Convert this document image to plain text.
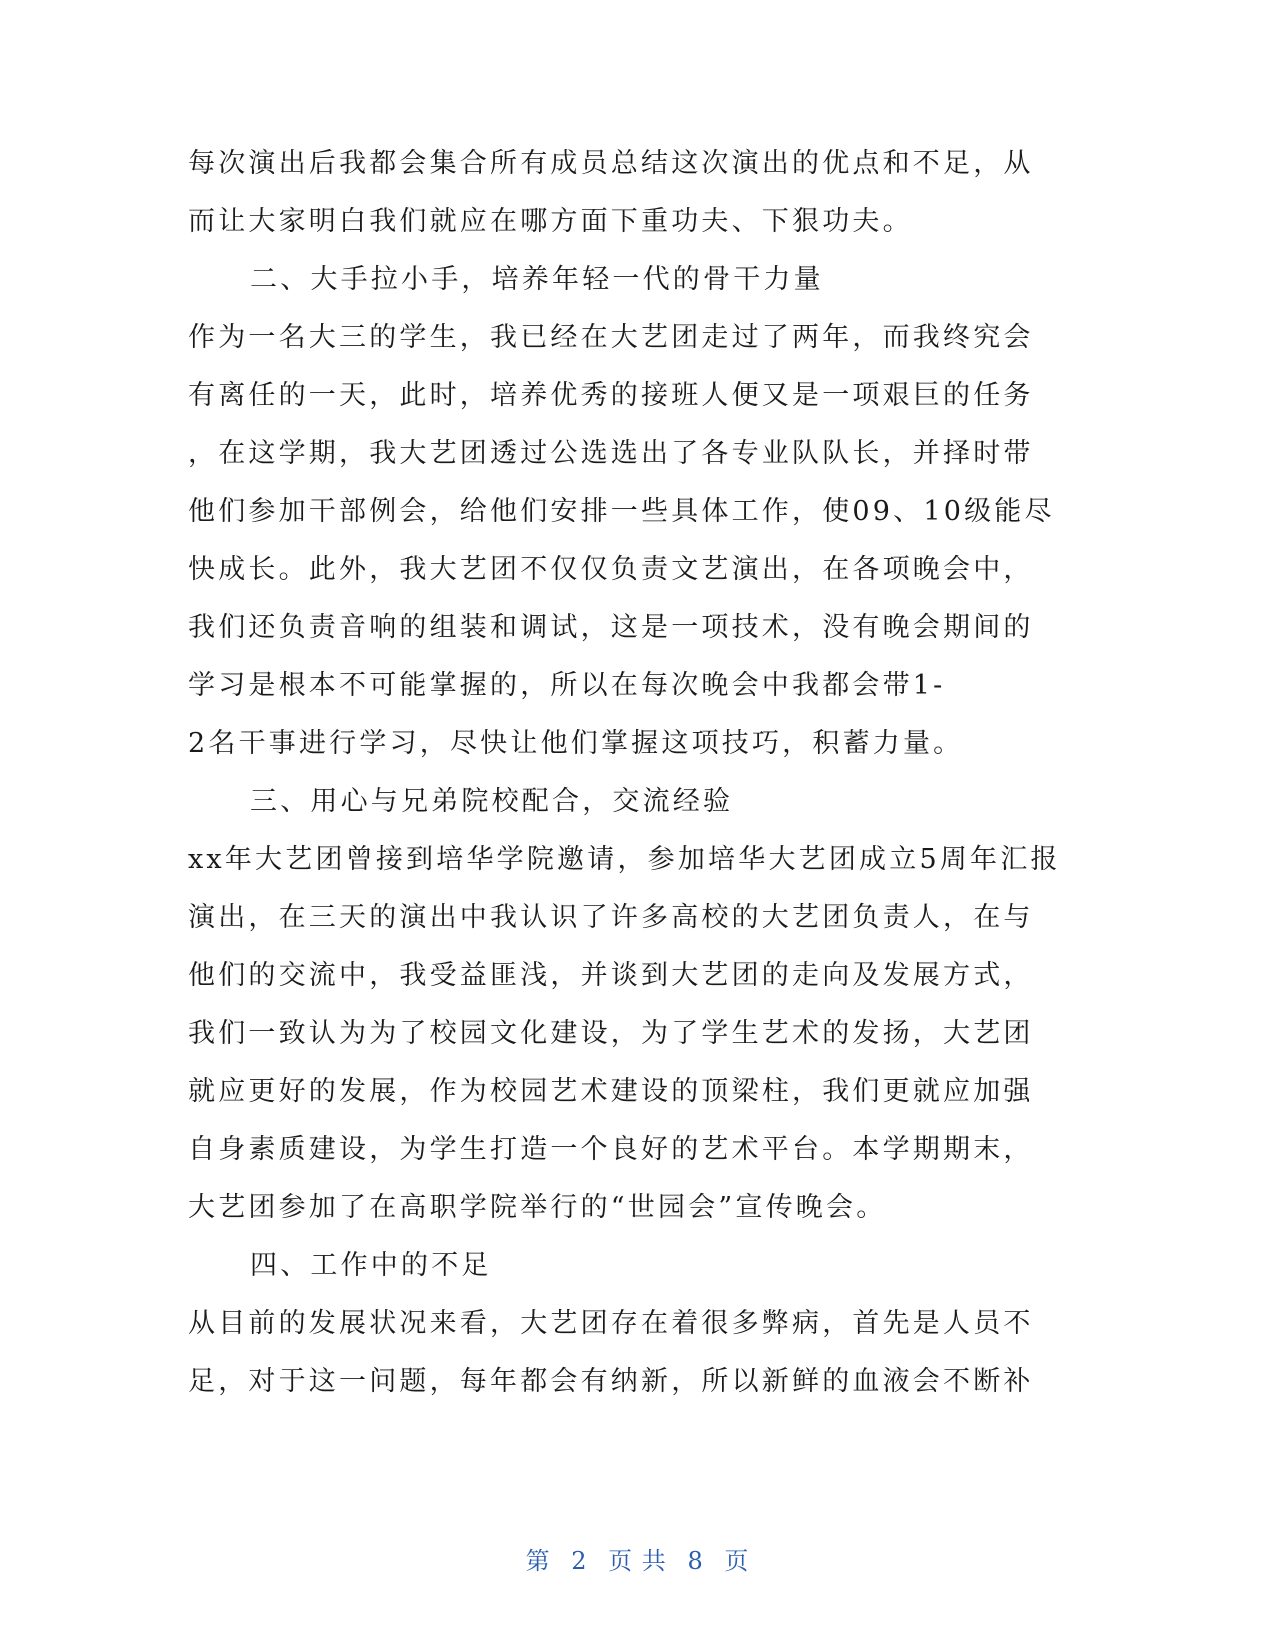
每次演出后我都会集合所有成员总结这次演出的优点和不足，从
而让大家明白我们就应在哪方面下重功夫、下狠功夫。
二、大手拉小手，培养年轻一代的骨干力量
作为一名大三的学生，我已经在大艺团走过了两年，而我终究会
有离任的一天，此时，培养优秀的接班人便又是一项艰巨的任务
，在这学期，我大艺团透过公选选出了各专业队队长，并择时带
他们参加干部例会，给他们安排一些具体工作，使09、10级能尽
快成长。此外，我大艺团不仅仅负责文艺演出，在各项晚会中，
我们还负责音响的组装和调试，这是一项技术，没有晚会期间的
学习是根本不可能掌握的，所以在每次晚会中我都会带1-
2名干事进行学习，尽快让他们掌握这项技巧，积蓄力量。
三、用心与兄弟院校配合，交流经验
xx年大艺团曾接到培华学院邀请，参加培华大艺团成立5周年汇报
演出，在三天的演出中我认识了许多高校的大艺团负责人，在与
他们的交流中，我受益匪浅，并谈到大艺团的走向及发展方式，
我们一致认为为了校园文化建设，为了学生艺术的发扬，大艺团
就应更好的发展，作为校园艺术建设的顶梁柱，我们更就应加强
自身素质建设，为学生打造一个良好的艺术平台。本学期期末，
大艺团参加了在高职学院举行的“世园会”宣传晚会。
四、工作中的不足
从目前的发展状况来看，大艺团存在着很多弊病，首先是人员不
足，对于这一问题，每年都会有纳新，所以新鲜的血液会不断补
第 2 页 共 8 页
